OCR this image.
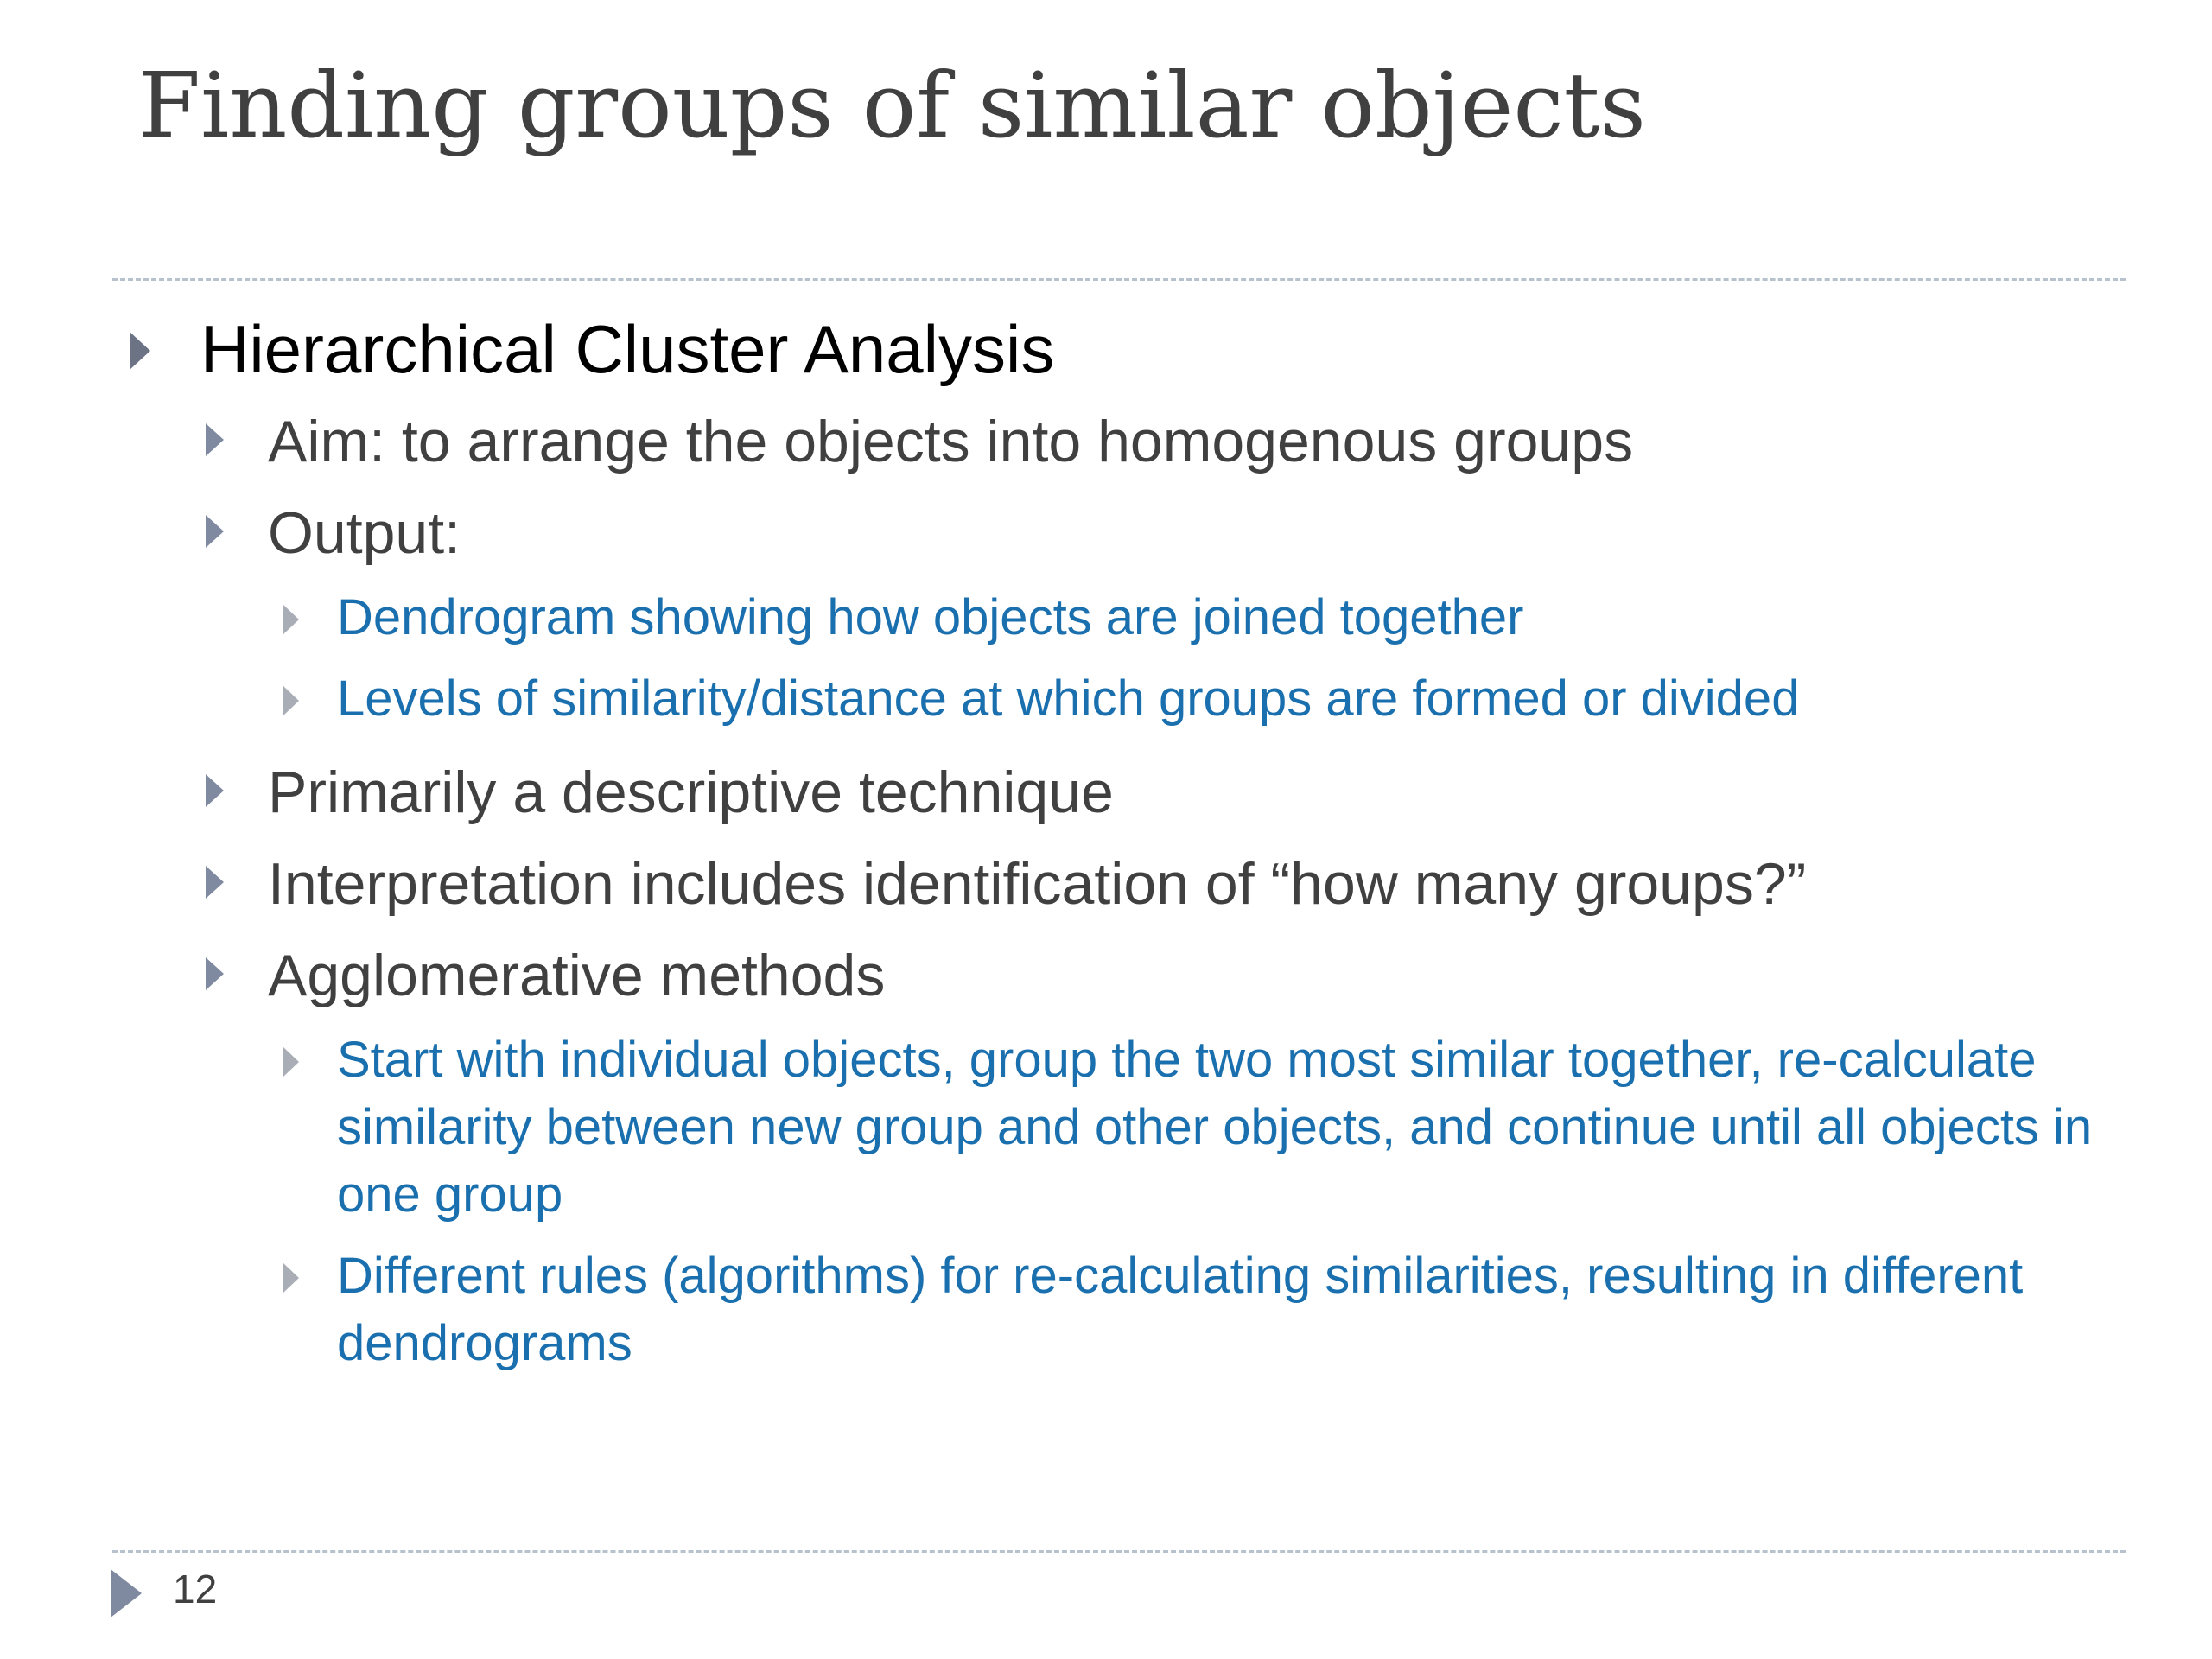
Finding groups of similar objects
Hierarchical Cluster Analysis
Aim: to arrange the objects into homogenous groups
Output:
Dendrogram showing how objects are joined together
Levels of similarity/distance at which groups are formed or divided
Primarily a descriptive technique
Interpretation includes identification of “how many groups?”
Agglomerative methods
Start with individual objects, group the two most similar together, re-calculate similarity between new group and other objects, and continue until all objects in one group
Different rules (algorithms) for re-calculating similarities, resulting in different dendrograms
12
